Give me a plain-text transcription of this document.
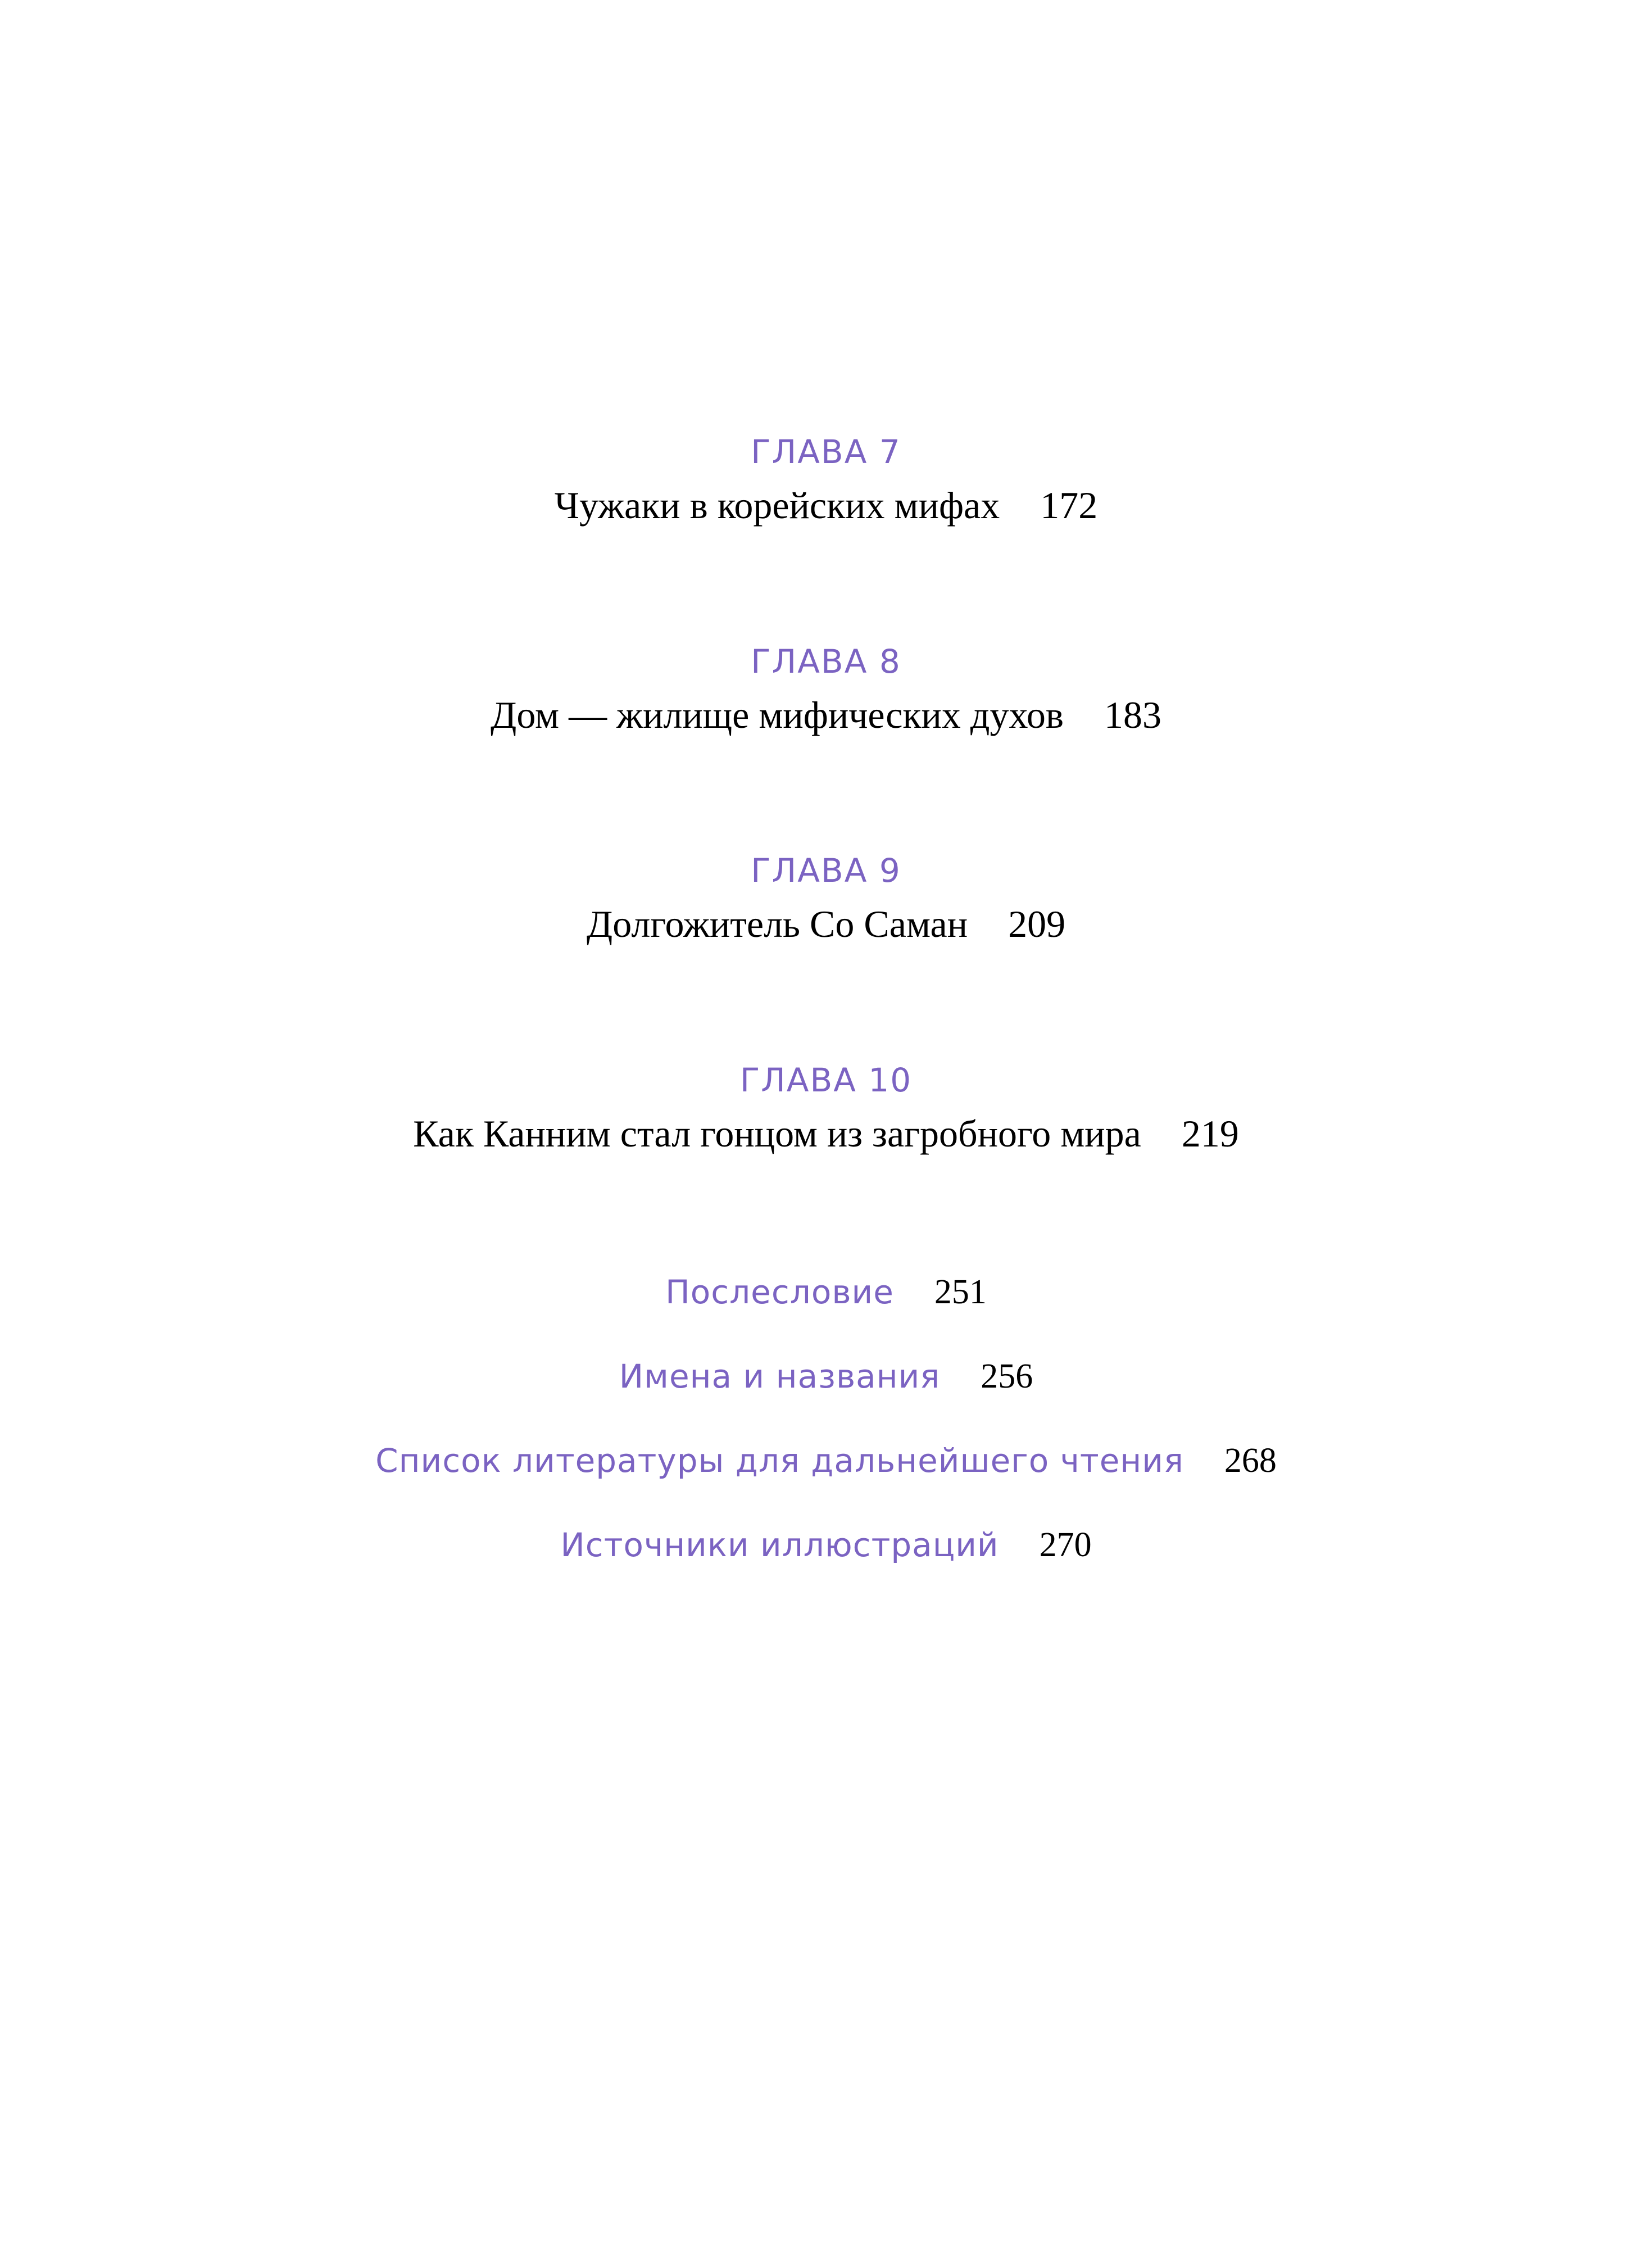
ГЛАВА 7
Чужаки в корейских мифах 172
ГЛАВА 8
Дом — жилище мифических духов 183
ГЛАВА 9
Долгожитель Со Саман 209
ГЛАВА 10
Как Канним стал гонцом из загробного мира 219
Послесловие 251
Имена и названия 256
Список литературы для дальнейшего чтения 268
Источники иллюстраций 270
